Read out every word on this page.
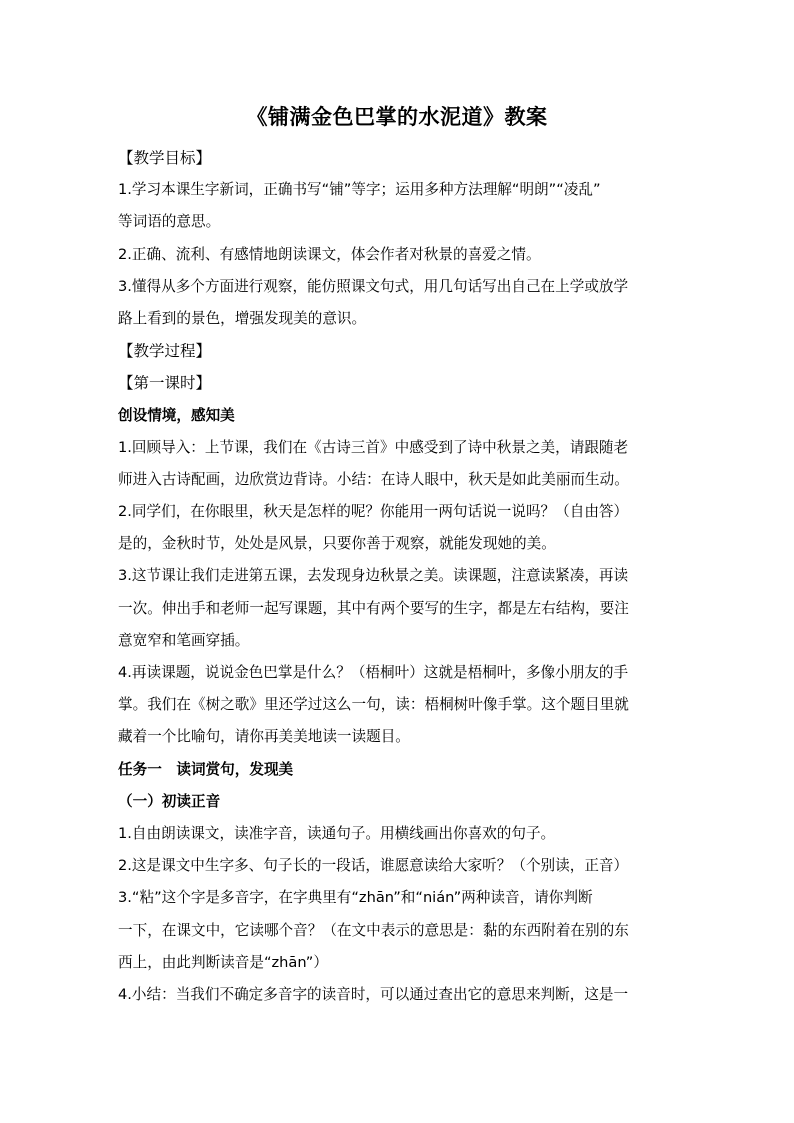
《铺满金色巴掌的水泥道》教案
【教学目标】
1.学习本课生字新词，正确书写“铺”等字；运用多种方法理解“明朗”“凌乱”
等词语的意思。
2.正确、流利、有感情地朗读课文，体会作者对秋景的喜爱之情。
3.懂得从多个方面进行观察，能仿照课文句式，用几句话写出自己在上学或放学
路上看到的景色，增强发现美的意识。
【教学过程】
【第一课时】
创设情境，感知美
1.回顾导入：上节课，我们在《古诗三首》中感受到了诗中秋景之美，请跟随老
师进入古诗配画，边欣赏边背诗。小结：在诗人眼中，秋天是如此美丽而生动。
2.同学们，在你眼里，秋天是怎样的呢？你能用一两句话说一说吗？（自由答）
是的，金秋时节，处处是风景，只要你善于观察，就能发现她的美。
3.这节课让我们走进第五课，去发现身边秋景之美。读课题，注意读紧凑，再读
一次。伸出手和老师一起写课题，其中有两个要写的生字，都是左右结构，要注
意宽窄和笔画穿插。
4.再读课题，说说金色巴掌是什么？（梧桐叶）这就是梧桐叶，多像小朋友的手
掌。我们在《树之歌》里还学过这么一句，读：梧桐树叶像手掌。这个题目里就
藏着一个比喻句，请你再美美地读一读题目。
任务一　读词赏句，发现美
（一）初读正音
1.自由朗读课文，读准字音，读通句子。用横线画出你喜欢的句子。
2.这是课文中生字多、句子长的一段话，谁愿意读给大家听？（个别读，正音）
3.“粘”这个字是多音字，在字典里有“zhān”和“nián”两种读音，请你判断
一下，在课文中，它读哪个音？（在文中表示的意思是：黏的东西附着在别的东
西上，由此判断读音是“zhān”）
4.小结：当我们不确定多音字的读音时，可以通过查出它的意思来判断，这是一
